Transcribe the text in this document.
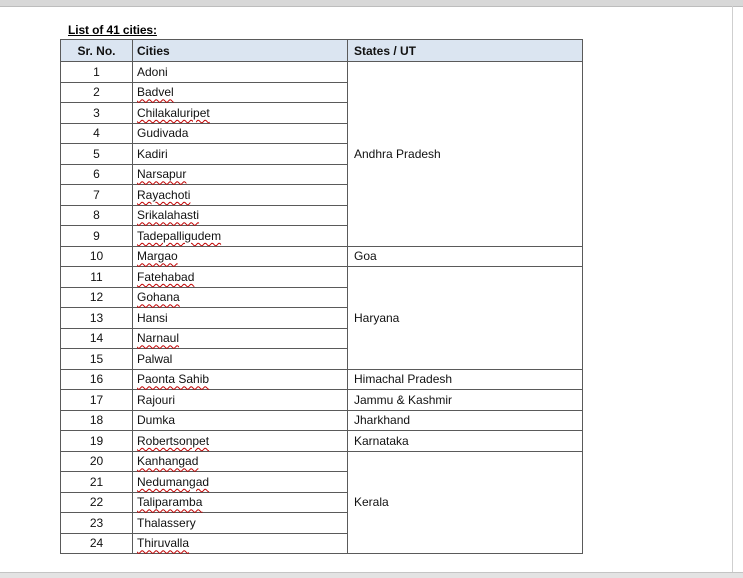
List of 41 cities:
Sr. No.	Cities	States / UT
1	Adoni	Andhra Pradesh
2	Badvel	
3	Chilakaluripet	
4	Gudivada	
5	Kadiri	
6	Narsapur	
7	Rayachoti	
8	Srikalahasti	
9	Tadepalligudem	
10	Margao	Goa
11	Fatehabad	Haryana
12	Gohana	
13	Hansi	
14	Narnaul	
15	Palwal	
16	Paonta Sahib	Himachal Pradesh
17	Rajouri	Jammu & Kashmir
18	Dumka	Jharkhand
19	Robertsonpet	Karnataka
20	Kanhangad	Kerala
21	Nedumangad	
22	Taliparamba	
23	Thalassery	
24	Thiruvalla	
